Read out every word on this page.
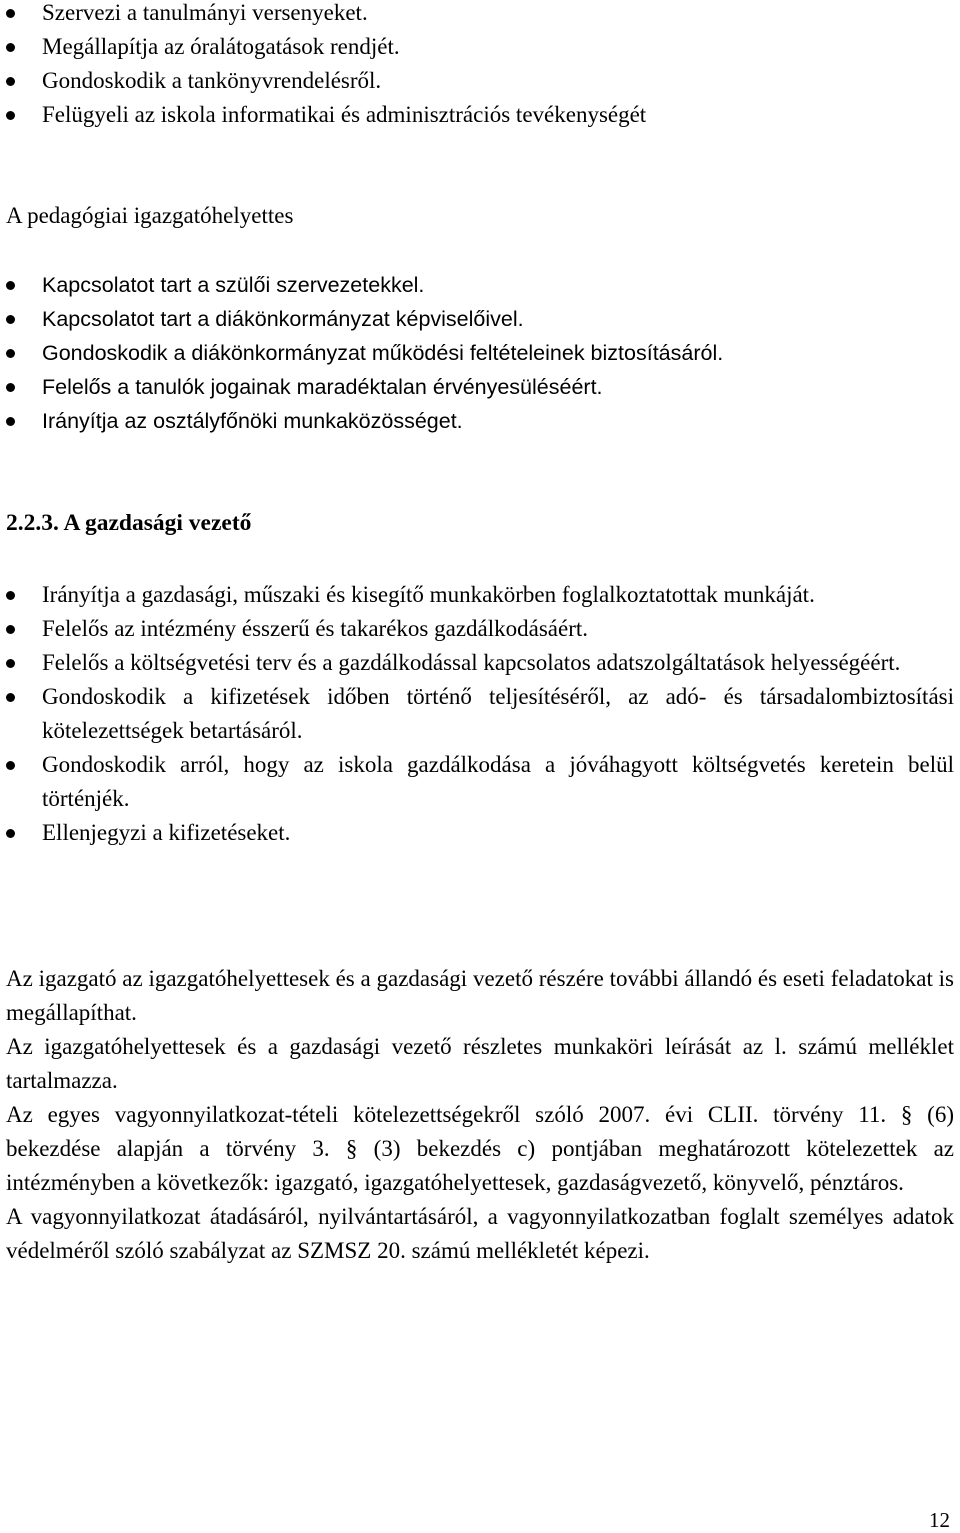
Szervezi a tanulmányi versenyeket.
Megállapítja az óralátogatások rendjét.
Gondoskodik a tankönyvrendelésről.
Felügyeli az iskola informatikai és adminisztrációs tevékenységét
A pedagógiai igazgatóhelyettes
Kapcsolatot tart a szülői szervezetekkel.
Kapcsolatot tart a diákönkormányzat képviselőivel.
Gondoskodik a diákönkormányzat működési feltételeinek biztosításáról.
Felelős a tanulók jogainak maradéktalan érvényesüléséért.
Irányítja az osztályfőnöki munkaközösséget.
2.2.3. A gazdasági vezető
Irányítja a gazdasági, műszaki és kisegítő munkakörben foglalkoztatottak munkáját.
Felelős az intézmény ésszerű és takarékos gazdálkodásáért.
Felelős a költségvetési terv és a gazdálkodással kapcsolatos adatszolgáltatások helyességéért.
Gondoskodik a kifizetések időben történő teljesítéséről, az adó- és társadalombiztosítási kötelezettségek betartásáról.
Gondoskodik arról, hogy az iskola gazdálkodása a jóváhagyott költségvetés keretein belül történjék.
Ellenjegyzi a kifizetéseket.

Az igazgató az igazgatóhelyettesek és a gazdasági vezető részére további állandó és eseti feladatokat is megállapíthat.

Az igazgatóhelyettesek és a gazdasági vezető részletes munkaköri leírását az l. számú melléklet tartalmazza.

Az egyes vagyonnyilatkozat-tételi kötelezettségekről szóló 2007. évi CLII. törvény 11. § (6) bekezdése alapján a törvény 3. § (3) bekezdés c) pontjában meghatározott kötelezettek az intézményben a következők: igazgató, igazgatóhelyettesek, gazdaságvezető, könyvelő, pénztáros.

A vagyonnyilatkozat átadásáról, nyilvántartásáról, a vagyonnyilatkozatban foglalt személyes adatok védelméről szóló szabályzat az SZMSZ 20. számú mellékletét képezi.

12
